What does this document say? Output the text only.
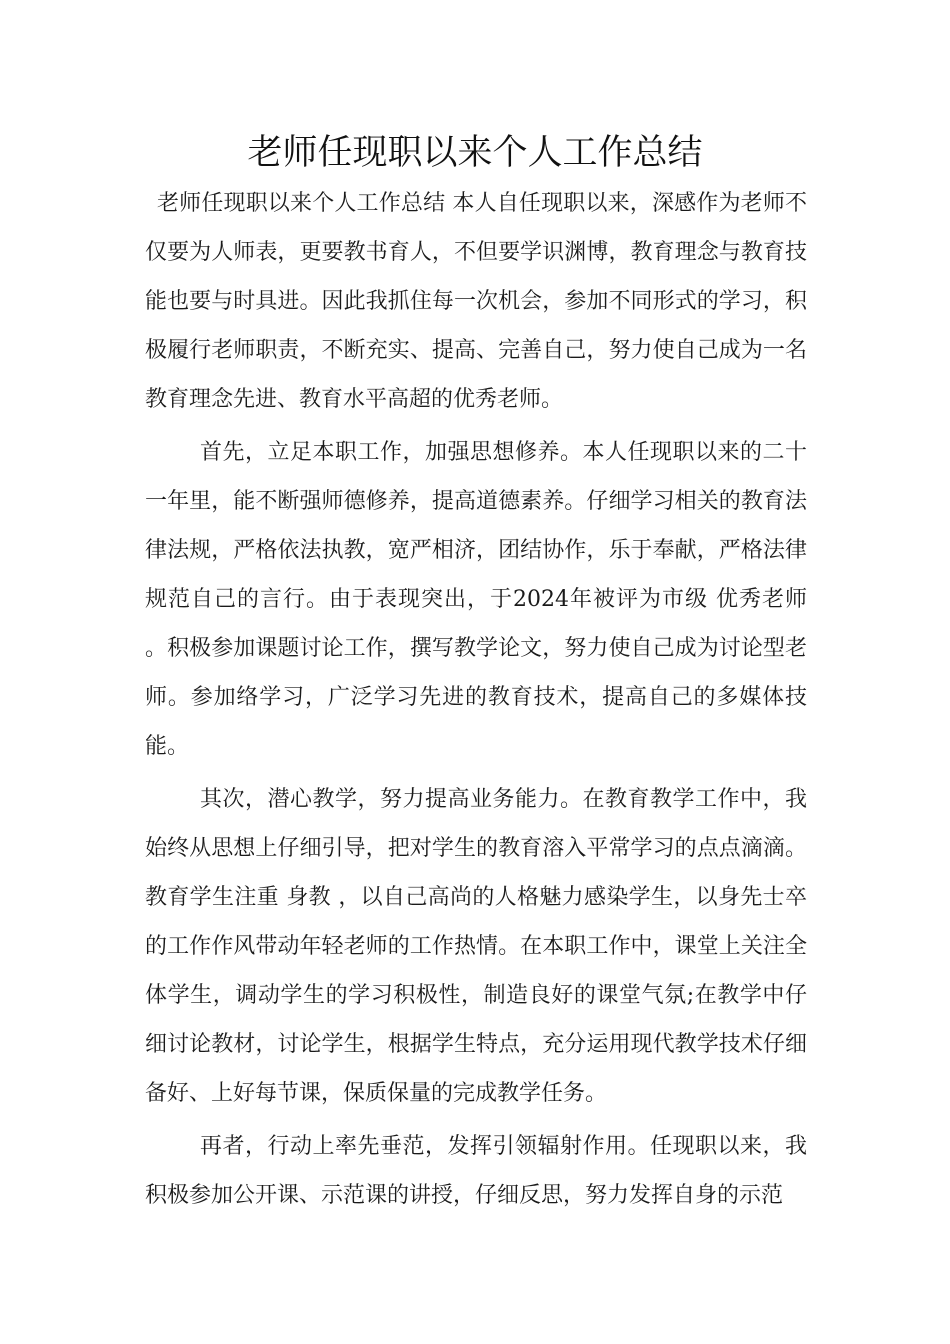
老师任现职以来个人工作总结

老师任现职以来个人工作总结 本人自任现职以来，深感作为老师不仅要为人师表，更要教书育人，不但要学识渊博，教育理念与教育技能也要与时具进。因此我抓住每一次机会，参加不同形式的学习，积极履行老师职责，不断充实、提高、完善自己，努力使自己成为一名教育理念先进、教育水平高超的优秀老师。

首先，立足本职工作，加强思想修养。本人任现职以来的二十一年里，能不断强师德修养，提高道德素养。仔细学习相关的教育法律法规，严格依法执教，宽严相济，团结协作，乐于奉献，严格法律规范自己的言行。由于表现突出，于2024年被评为市级 优秀老师 。积极参加课题讨论工作，撰写教学论文，努力使自己成为讨论型老师。参加络学习，广泛学习先进的教育技术，提高自己的多媒体技能。

其次，潜心教学，努力提高业务能力。在教育教学工作中，我始终从思想上仔细引导，把对学生的教育溶入平常学习的点点滴滴。教育学生注重 身教 ，以自己高尚的人格魅力感染学生，以身先士卒的工作作风带动年轻老师的工作热情。在本职工作中，课堂上关注全体学生，调动学生的学习积极性，制造良好的课堂气氛;在教学中仔细讨论教材，讨论学生，根据学生特点，充分运用现代教学技术仔细备好、上好每节课，保质保量的完成教学任务。

再者，行动上率先垂范，发挥引领辐射作用。任现职以来，我积极参加公开课、示范课的讲授，仔细反思，努力发挥自身的示范
